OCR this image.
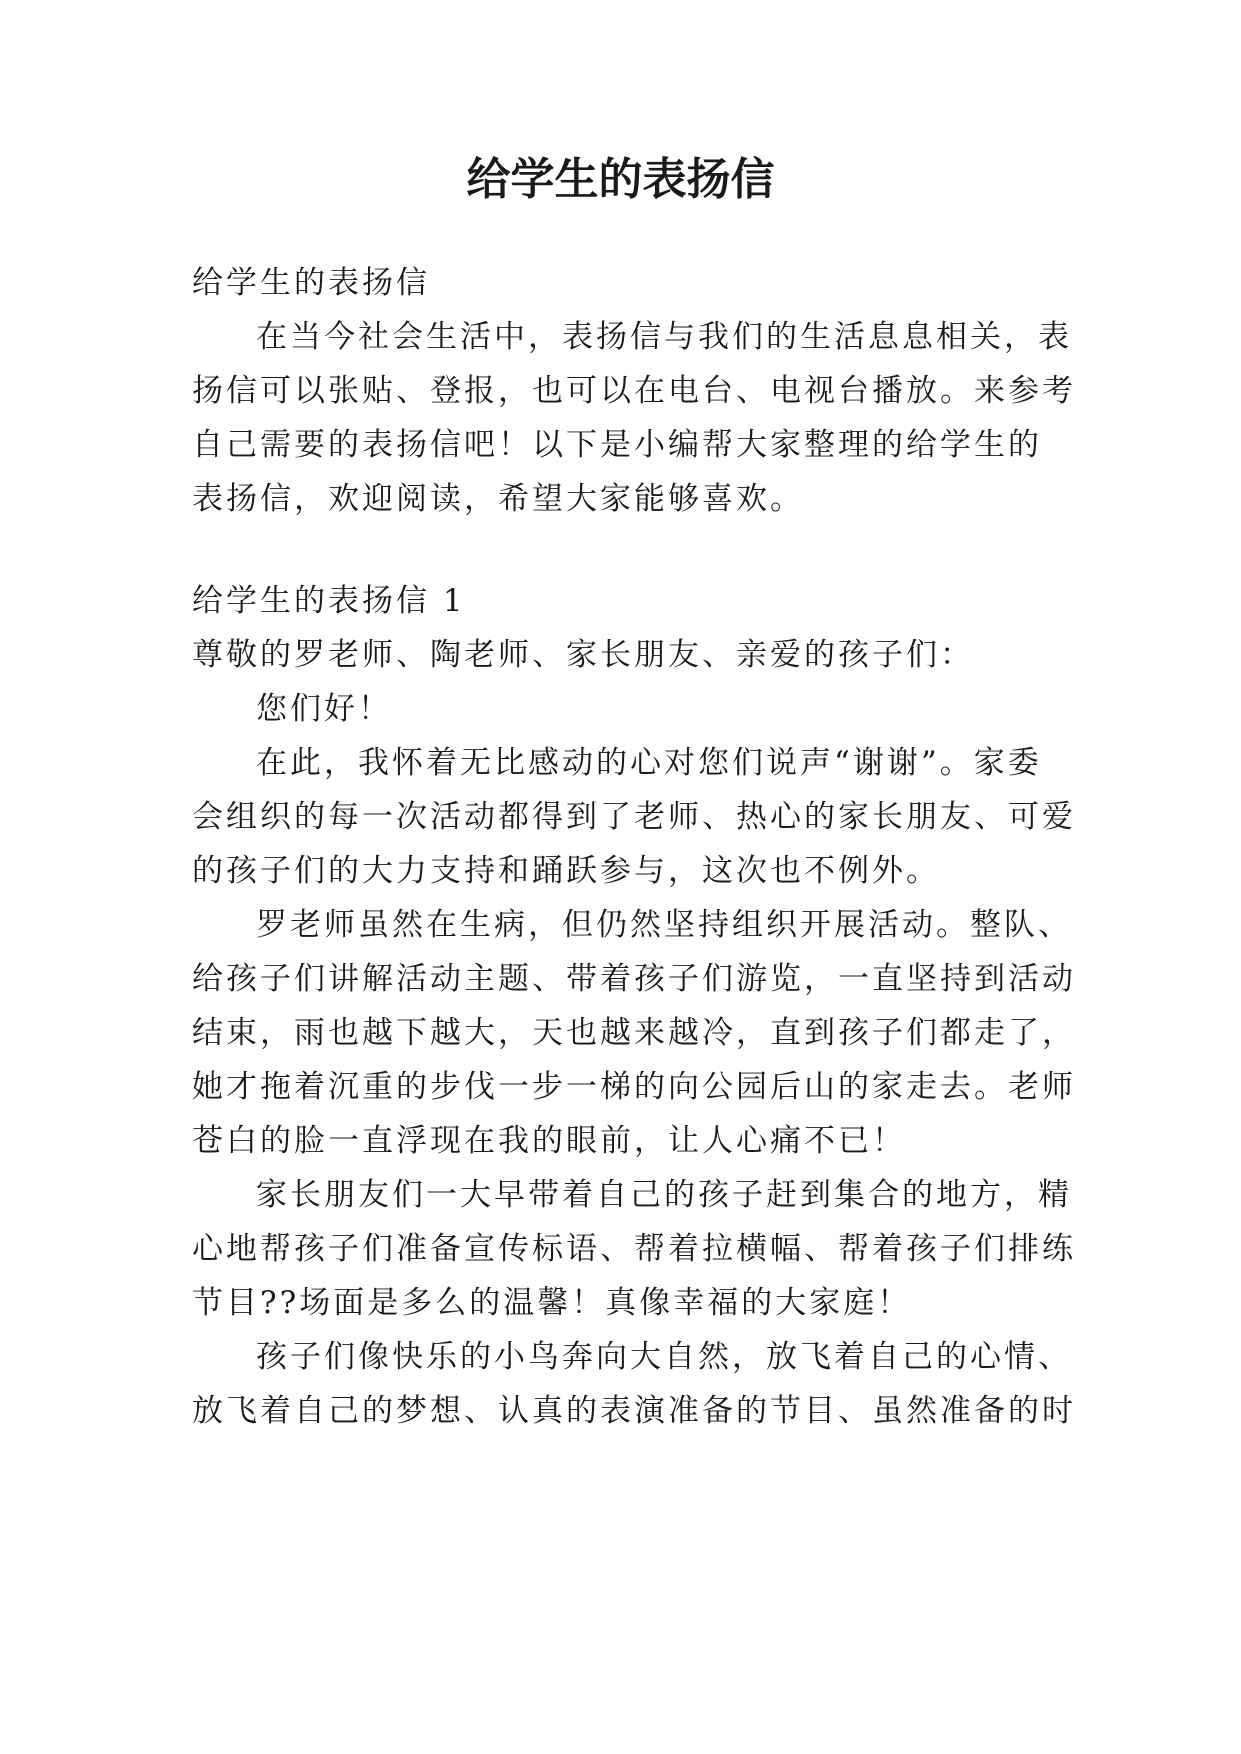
给学生的表扬信
给学生的表扬信
在当今社会生活中，表扬信与我们的生活息息相关，表
扬信可以张贴、登报，也可以在电台、电视台播放。来参考
自己需要的表扬信吧！以下是小编帮大家整理的给学生的
表扬信，欢迎阅读，希望大家能够喜欢。
给学生的表扬信 1
尊敬的罗老师、陶老师、家长朋友、亲爱的孩子们：
您们好！
在此，我怀着无比感动的心对您们说声“谢谢”。家委
会组织的每一次活动都得到了老师、热心的家长朋友、可爱
的孩子们的大力支持和踊跃参与，这次也不例外。
罗老师虽然在生病，但仍然坚持组织开展活动。整队、
给孩子们讲解活动主题、带着孩子们游览，一直坚持到活动
结束，雨也越下越大，天也越来越冷，直到孩子们都走了，
她才拖着沉重的步伐一步一梯的向公园后山的家走去。老师
苍白的脸一直浮现在我的眼前，让人心痛不已！
家长朋友们一大早带着自己的孩子赶到集合的地方，精
心地帮孩子们准备宣传标语、帮着拉横幅、帮着孩子们排练
节目??场面是多么的温馨！真像幸福的大家庭！
孩子们像快乐的小鸟奔向大自然，放飞着自己的心情、
放飞着自己的梦想、认真的表演准备的节目、虽然准备的时
